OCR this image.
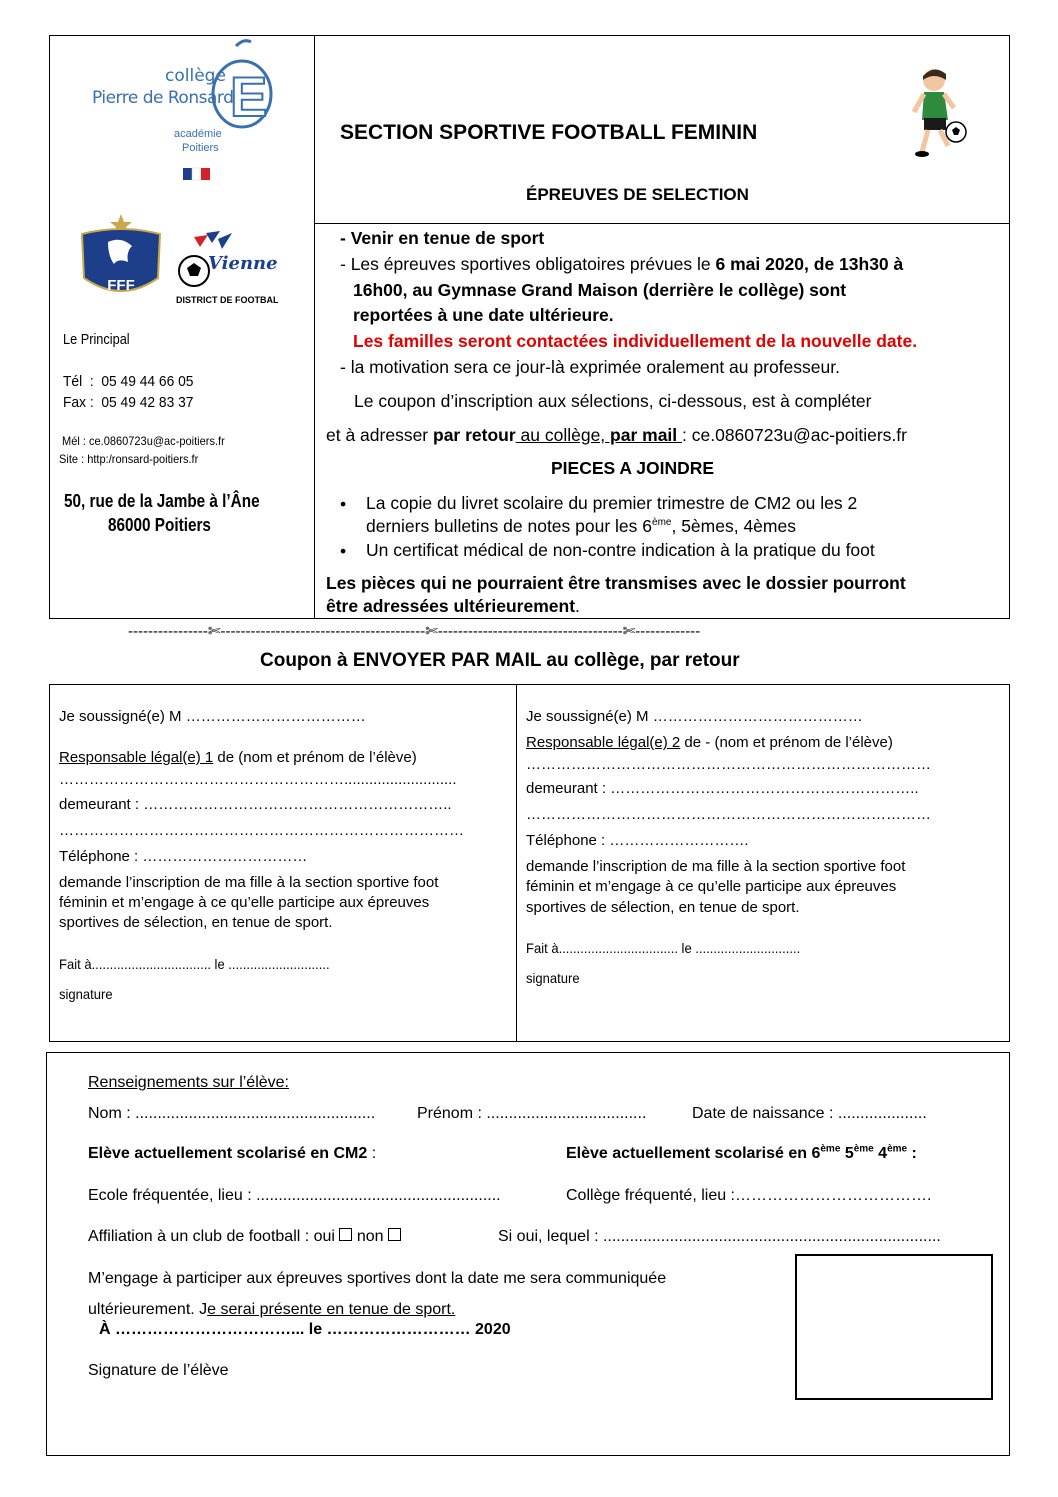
E
collège
Pierre de Ronsard
académie
Poitiers
FFF
Vienne
DISTRICT DE FOOTBALL
Le Principal
Tél  :  05 49 44 66 05
Fax :  05 49 42 83 37
Mél : ce.0860723u@ac-poitiers.fr
Site : http:/ronsard-poitiers.fr
50, rue de la Jambe à l’Âne
86000 Poitiers
SECTION SPORTIVE FOOTBALL FEMININ
ÉPREUVES DE SELECTION
- Venir en tenue de sport
- Les épreuves sportives obligatoires prévues le 6 mai 2020, de 13h30 à
16h00, au Gymnase Grand Maison (derrière le collège) sont
reportées à une date ultérieure.
Les familles seront contactées individuellement de la nouvelle date.
- la motivation sera ce jour-là exprimée oralement au professeur.
Le coupon d’inscription aux sélections, ci-dessous, est à compléter
et à adresser par retour au collège, par mail : ce.0860723u@ac-poitiers.fr
PIECES A JOINDRE
• La copie du livret scolaire du premier trimestre de CM2 ou les 2
derniers bulletins de notes pour les 6ème, 5èmes, 4èmes
• Un certificat médical de non-contre indication à la pratique du foot
Les pièces qui ne pourraient être transmises avec le dossier pourront
être adressées ultérieurement.
----------------✄-----------------------------------------✄-------------------------------------✄-------------
Coupon à ENVOYER PAR MAIL au collège, par retour
Je soussigné(e) M ………………………………
Responsable légal(e) 1 de (nom et prénom de l’élève)
…………………………………………………...........................
demeurant : ……………………………………………………..
………………………………………………………………………
Téléphone : ……………………………
demande l’inscription de ma fille à la section sportive foot
féminin et m’engage à ce qu’elle participe aux épreuves
sportives de sélection, en tenue de sport.
Fait à................................. le ............................
signature
Je soussigné(e) M ……………………………………
Responsable légal(e) 2 de - (nom et prénom de l’élève)
………………………………………………………………………
demeurant : ……………………………………………………..
………………………………………………………………………
Téléphone : ……………………….
demande l’inscription de ma fille à la section sportive foot
féminin et m’engage à ce qu’elle participe aux épreuves
sportives de sélection, en tenue de sport.
Fait à................................. le .............................
signature
Renseignements sur l’élève:
Nom : ......................................................	Prénom : ....................................	Date de naissance : ....................
Elève actuellement scolarisé en CM2 :	Elève actuellement scolarisé en 6ème 5ème 4ème :
Ecole fréquentée, lieu : .......................................................	Collège fréquenté, lieu :……………………………….
Affiliation à un club de football : oui  non	Si oui, lequel : ............................................................................
M’engage à participer aux épreuves sportives dont la date me sera communiquée
ultérieurement. Je serai présente en tenue de sport.
À ……………………………... le ……………………… 2020
Signature de l’élève
